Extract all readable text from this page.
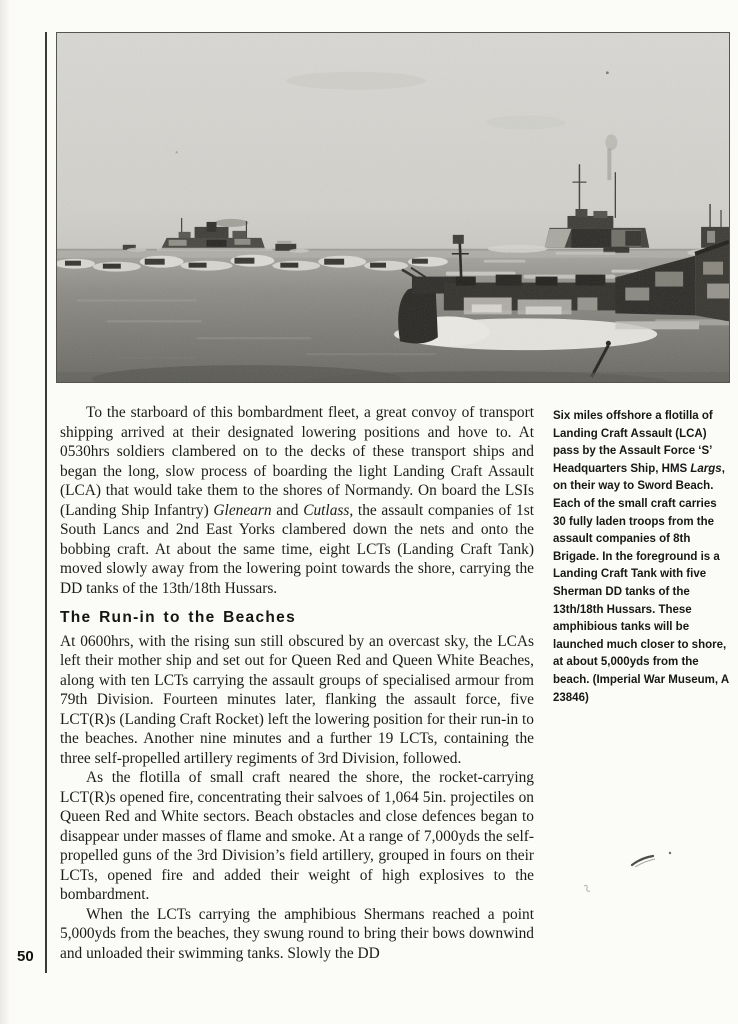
To the starboard of this bombardment fleet, a great convoy of transport shipping arrived at their designated lowering positions and hove to. At 0530hrs soldiers clambered on to the decks of these transport ships and began the long, slow process of boarding the light Landing Craft Assault (LCA) that would take them to the shores of Normandy. On board the LSIs (Landing Ship Infantry) Glenearn and Cutlass, the assault companies of 1st South Lancs and 2nd East Yorks clambered down the nets and onto the bobbing craft. At about the same time, eight LCTs (Landing Craft Tank) moved slowly away from the lowering point towards the shore, carrying the DD tanks of the 13th/18th Hussars.

The Run-in to the Beaches

At 0600hrs, with the rising sun still obscured by an overcast sky, the LCAs left their mother ship and set out for Queen Red and Queen White Beaches, along with ten LCTs carrying the assault groups of specialised armour from 79th Division. Fourteen minutes later, flanking the assault force, five LCT(R)s (Landing Craft Rocket) left the lowering position for their run-in to the beaches. Another nine minutes and a further 19 LCTs, containing the three self-propelled artillery regiments of 3rd Division, followed.

As the flotilla of small craft neared the shore, the rocket-carrying LCT(R)s opened fire, concentrating their salvoes of 1,064 5in. projectiles on Queen Red and White sectors. Beach obstacles and close defences began to disappear under masses of flame and smoke. At a range of 7,000yds the self-propelled guns of the 3rd Division’s field artillery, grouped in fours on their LCTs, opened fire and added their weight of high explosives to the bombardment.

When the LCTs carrying the amphibious Shermans reached a point 5,000yds from the beaches, they swung round to bring their bows downwind and unloaded their swimming tanks. Slowly the DD

Six miles offshore a flotilla of Landing Craft Assault (LCA) pass by the Assault Force ‘S’ Headquarters Ship, HMS Largs, on their way to Sword Beach. Each of the small craft carries 30 fully laden troops from the assault companies of 8th Brigade. In the foreground is a Landing Craft Tank with five Sherman DD tanks of the 13th/18th Hussars. These amphibious tanks will be launched much closer to shore, at about 5,000yds from the beach. (Imperial War Museum, A 23846)

50
